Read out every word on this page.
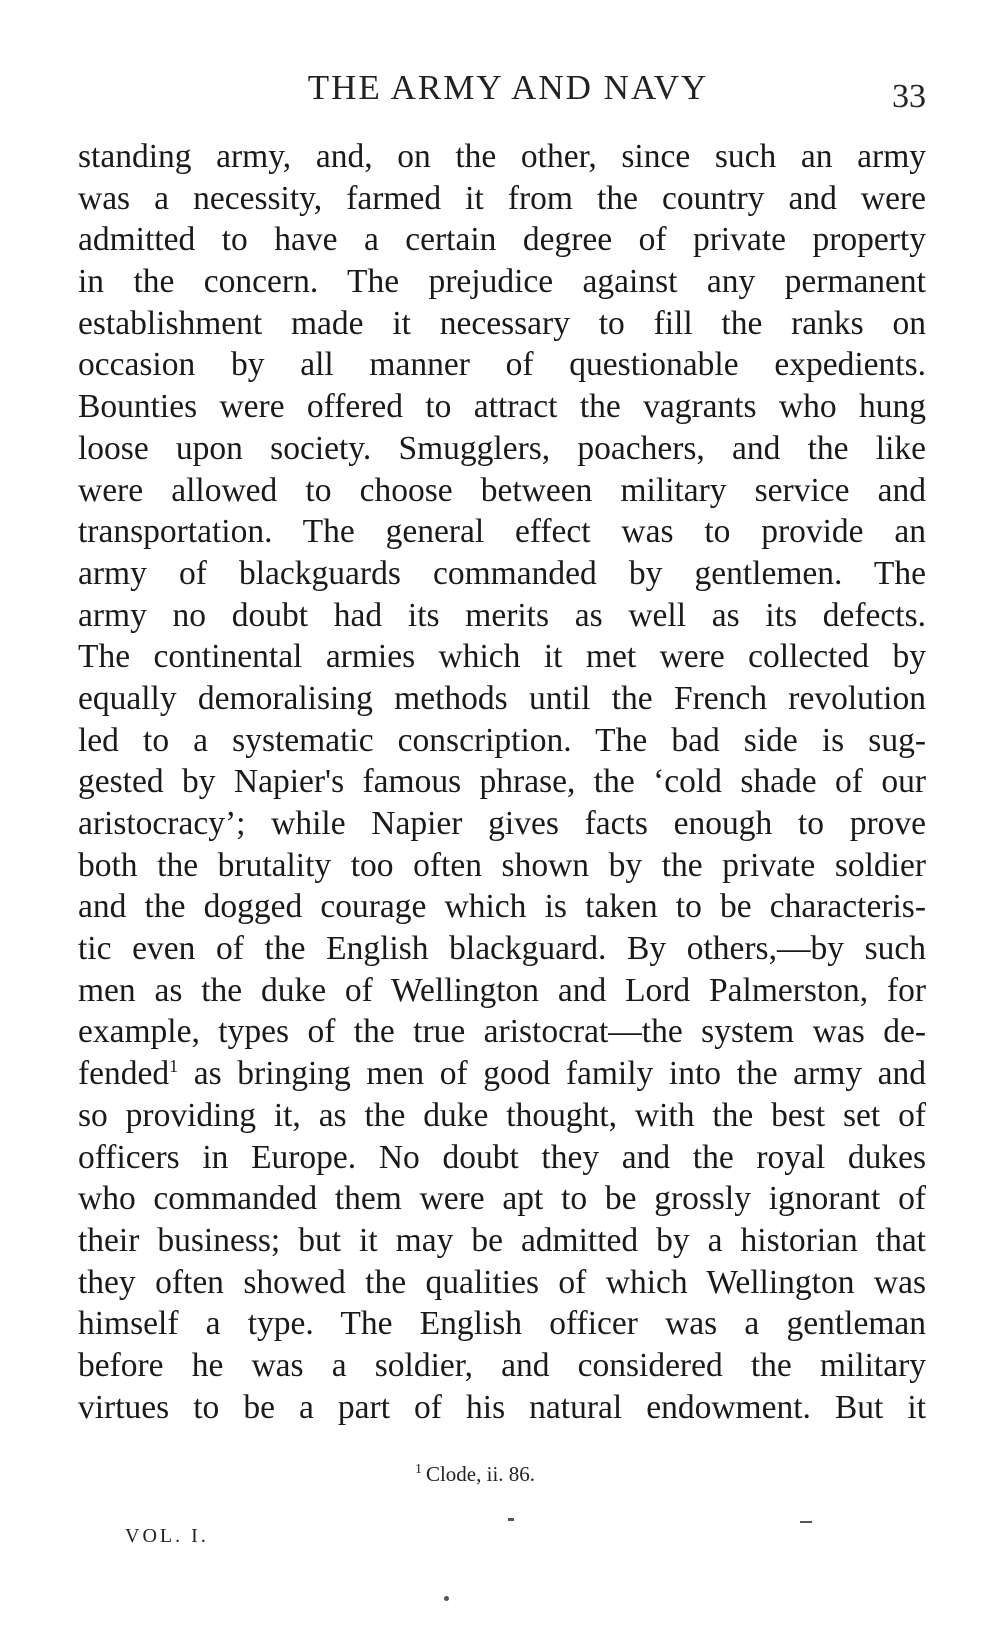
THE ARMY AND NAVY	33
standing army, and, on the other, since such an army
was a necessity, farmed it from the country and were
admitted to have a certain degree of private property
in the concern. The prejudice against any permanent
establishment made it necessary to fill the ranks on
occasion by all manner of questionable expedients.
Bounties were offered to attract the vagrants who hung
loose upon society. Smugglers, poachers, and the like
were allowed to choose between military service and
transportation. The general effect was to provide an
army of blackguards commanded by gentlemen. The
army no doubt had its merits as well as its defects.
The continental armies which it met were collected by
equally demoralising methods until the French revolution
led to a systematic conscription. The bad side is sug-
gested by Napier's famous phrase, the ‘cold shade of our
aristocracy’; while Napier gives facts enough to prove
both the brutality too often shown by the private soldier
and the dogged courage which is taken to be characteris-
tic even of the English blackguard. By others,—by such
men as the duke of Wellington and Lord Palmerston, for
example, types of the true aristocrat—the system was de-
fended$^1$ as bringing men of good family into the army and
so providing it, as the duke thought, with the best set of
officers in Europe. No doubt they and the royal dukes
who commanded them were apt to be grossly ignorant of
their business; but it may be admitted by a historian that
they often showed the qualities of which Wellington was
himself a type. The English officer was a gentleman
before he was a soldier, and considered the military
virtues to be a part of his natural endowment. But it
$^1$ Clode, ii. 86.
VOL. I.
